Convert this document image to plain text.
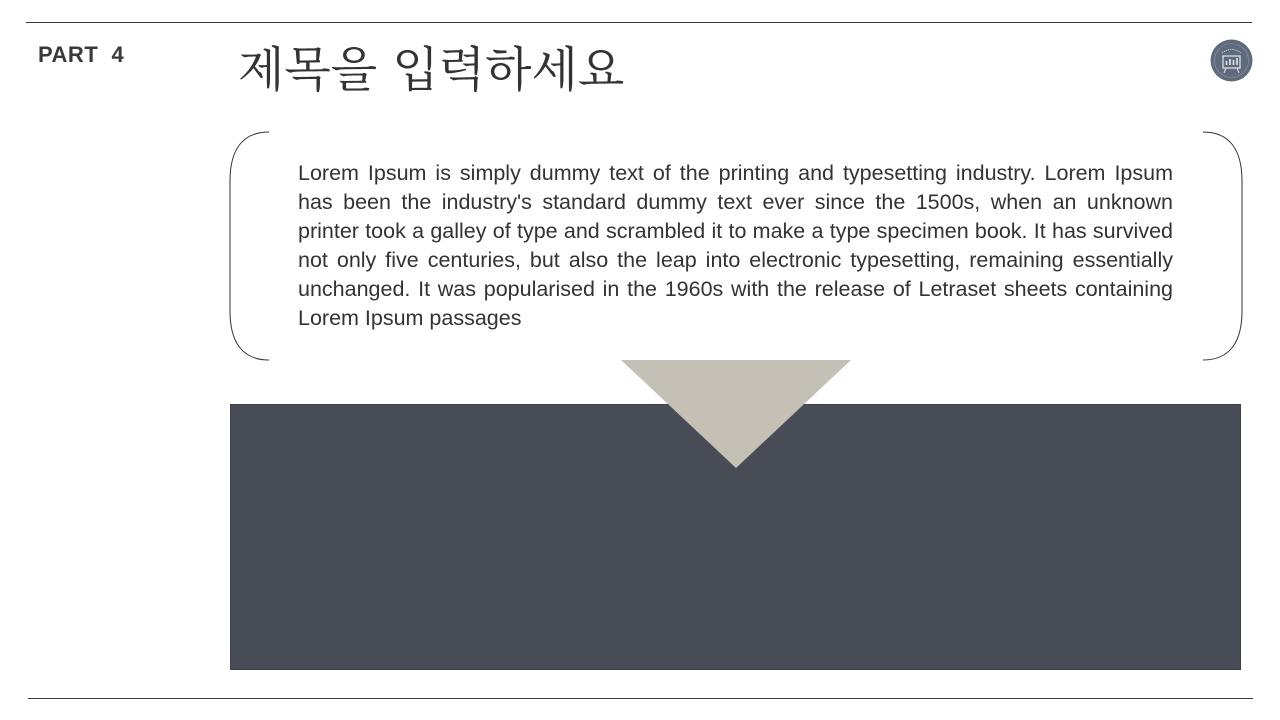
PART  4 제목을 입력하세요
Lorem Ipsum is simply dummy text of the printing and typesetting industry. Lorem Ipsum has been the industry's standard dummy text ever since the 1500s, when an unknown printer took a galley of type and scrambled it to make a type specimen book. It has survived not only five centuries, but also the leap into electronic typesetting, remaining essentially unchanged. It was popularised in the 1960s with the release of Letraset sheets containing Lorem Ipsum passages
